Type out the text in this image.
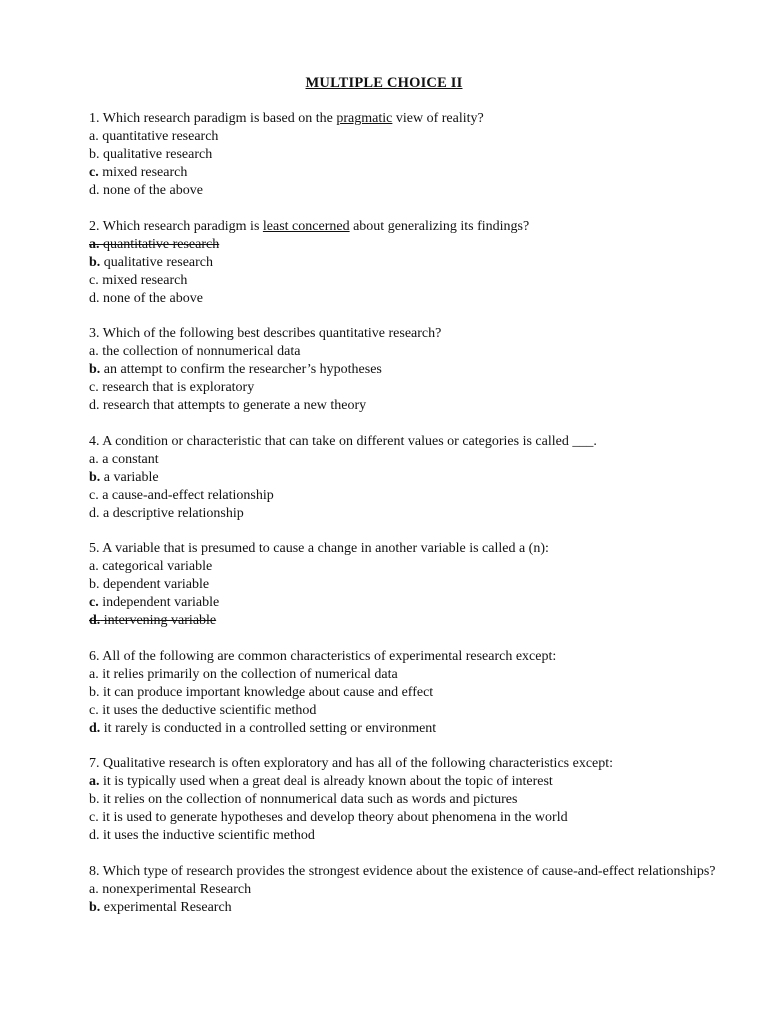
MULTIPLE CHOICE II
1. Which research paradigm is based on the pragmatic view of reality?
a. quantitative research
b. qualitative research
c. mixed research
d. none of the above
2. Which research paradigm is least concerned about generalizing its findings?
a. quantitative research
b. qualitative research
c. mixed research
d. none of the above
3. Which of the following best describes quantitative research?
a. the collection of nonnumerical data
b. an attempt to confirm the researcher’s hypotheses
c. research that is exploratory
d. research that attempts to generate a new theory
4. A condition or characteristic that can take on different values or categories is called ___.
a. a constant
b. a variable
c. a cause-and-effect relationship
d. a descriptive relationship
5. A variable that is presumed to cause a change in another variable is called a (n):
a. categorical variable
b. dependent variable
c. independent variable
d. intervening variable
6. All of the following are common characteristics of experimental research except:
a. it relies primarily on the collection of numerical data
b. it can produce important knowledge about cause and effect
c. it uses the deductive scientific method
d. it rarely is conducted in a controlled setting or environment
7. Qualitative research is often exploratory and has all of the following characteristics except:
a. it is typically used when a great deal is already known about the topic of interest
b. it relies on the collection of nonnumerical data such as words and pictures
c. it is used to generate hypotheses and develop theory about phenomena in the world
d. it uses the inductive scientific method
8. Which type of research provides the strongest evidence about the existence of cause-and-effect relationships?
a. nonexperimental Research
b. experimental Research
